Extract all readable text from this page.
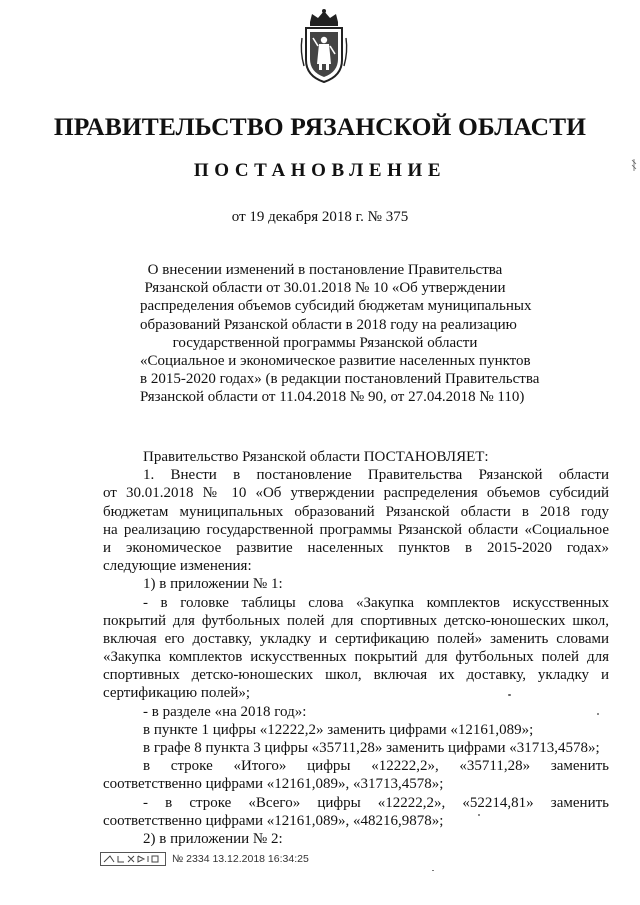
ПРАВИТЕЛЬСТВО РЯЗАНСКОЙ ОБЛАСТИ
ПОСТАНОВЛЕНИЕ
от 19 декабря 2018 г. № 375
О внесении изменений в постановление Правительства
Рязанской области от 30.01.2018 № 10 «Об утверждении
распределения объемов субсидий бюджетам муниципальных
образований Рязанской области в 2018 году на реализацию
государственной программы Рязанской области
«Социальное и экономическое развитие населенных пунктов
в 2015-2020 годах» (в редакции постановлений Правительства
Рязанской области от 11.04.2018 № 90, от 27.04.2018 № 110)
Правительство Рязанской области ПОСТАНОВЛЯЕТ:
1. Внести в постановление Правительства Рязанской области
от 30.01.2018 № 10 «Об утверждении распределения объемов субсидий
бюджетам муниципальных образований Рязанской области в 2018 году
на реализацию государственной программы Рязанской области «Социальное
и экономическое развитие населенных пунктов в 2015-2020 годах»
следующие изменения:
1) в приложении № 1:
- в головке таблицы слова «Закупка комплектов искусственных
покрытий для футбольных полей для спортивных детско-юношеских школ,
включая его доставку, укладку и сертификацию полей» заменить словами
«Закупка комплектов искусственных покрытий для футбольных полей для
спортивных детско-юношеских школ, включая их доставку, укладку и
сертификацию полей»;
- в разделе «на 2018 год»:
в пункте 1 цифры «12222,2» заменить цифрами «12161,089»;
в графе 8 пункта 3 цифры «35711,28» заменить цифрами «31713,4578»;
в строке «Итого» цифры «12222,2», «35711,28» заменить
соответственно цифрами «12161,089», «31713,4578»;
- в строке «Всего» цифры «12222,2», «52214,81» заменить
соответственно цифрами «12161,089», «48216,9878»;
2) в приложении № 2:
№ 2334 13.12.2018 16:34:25
